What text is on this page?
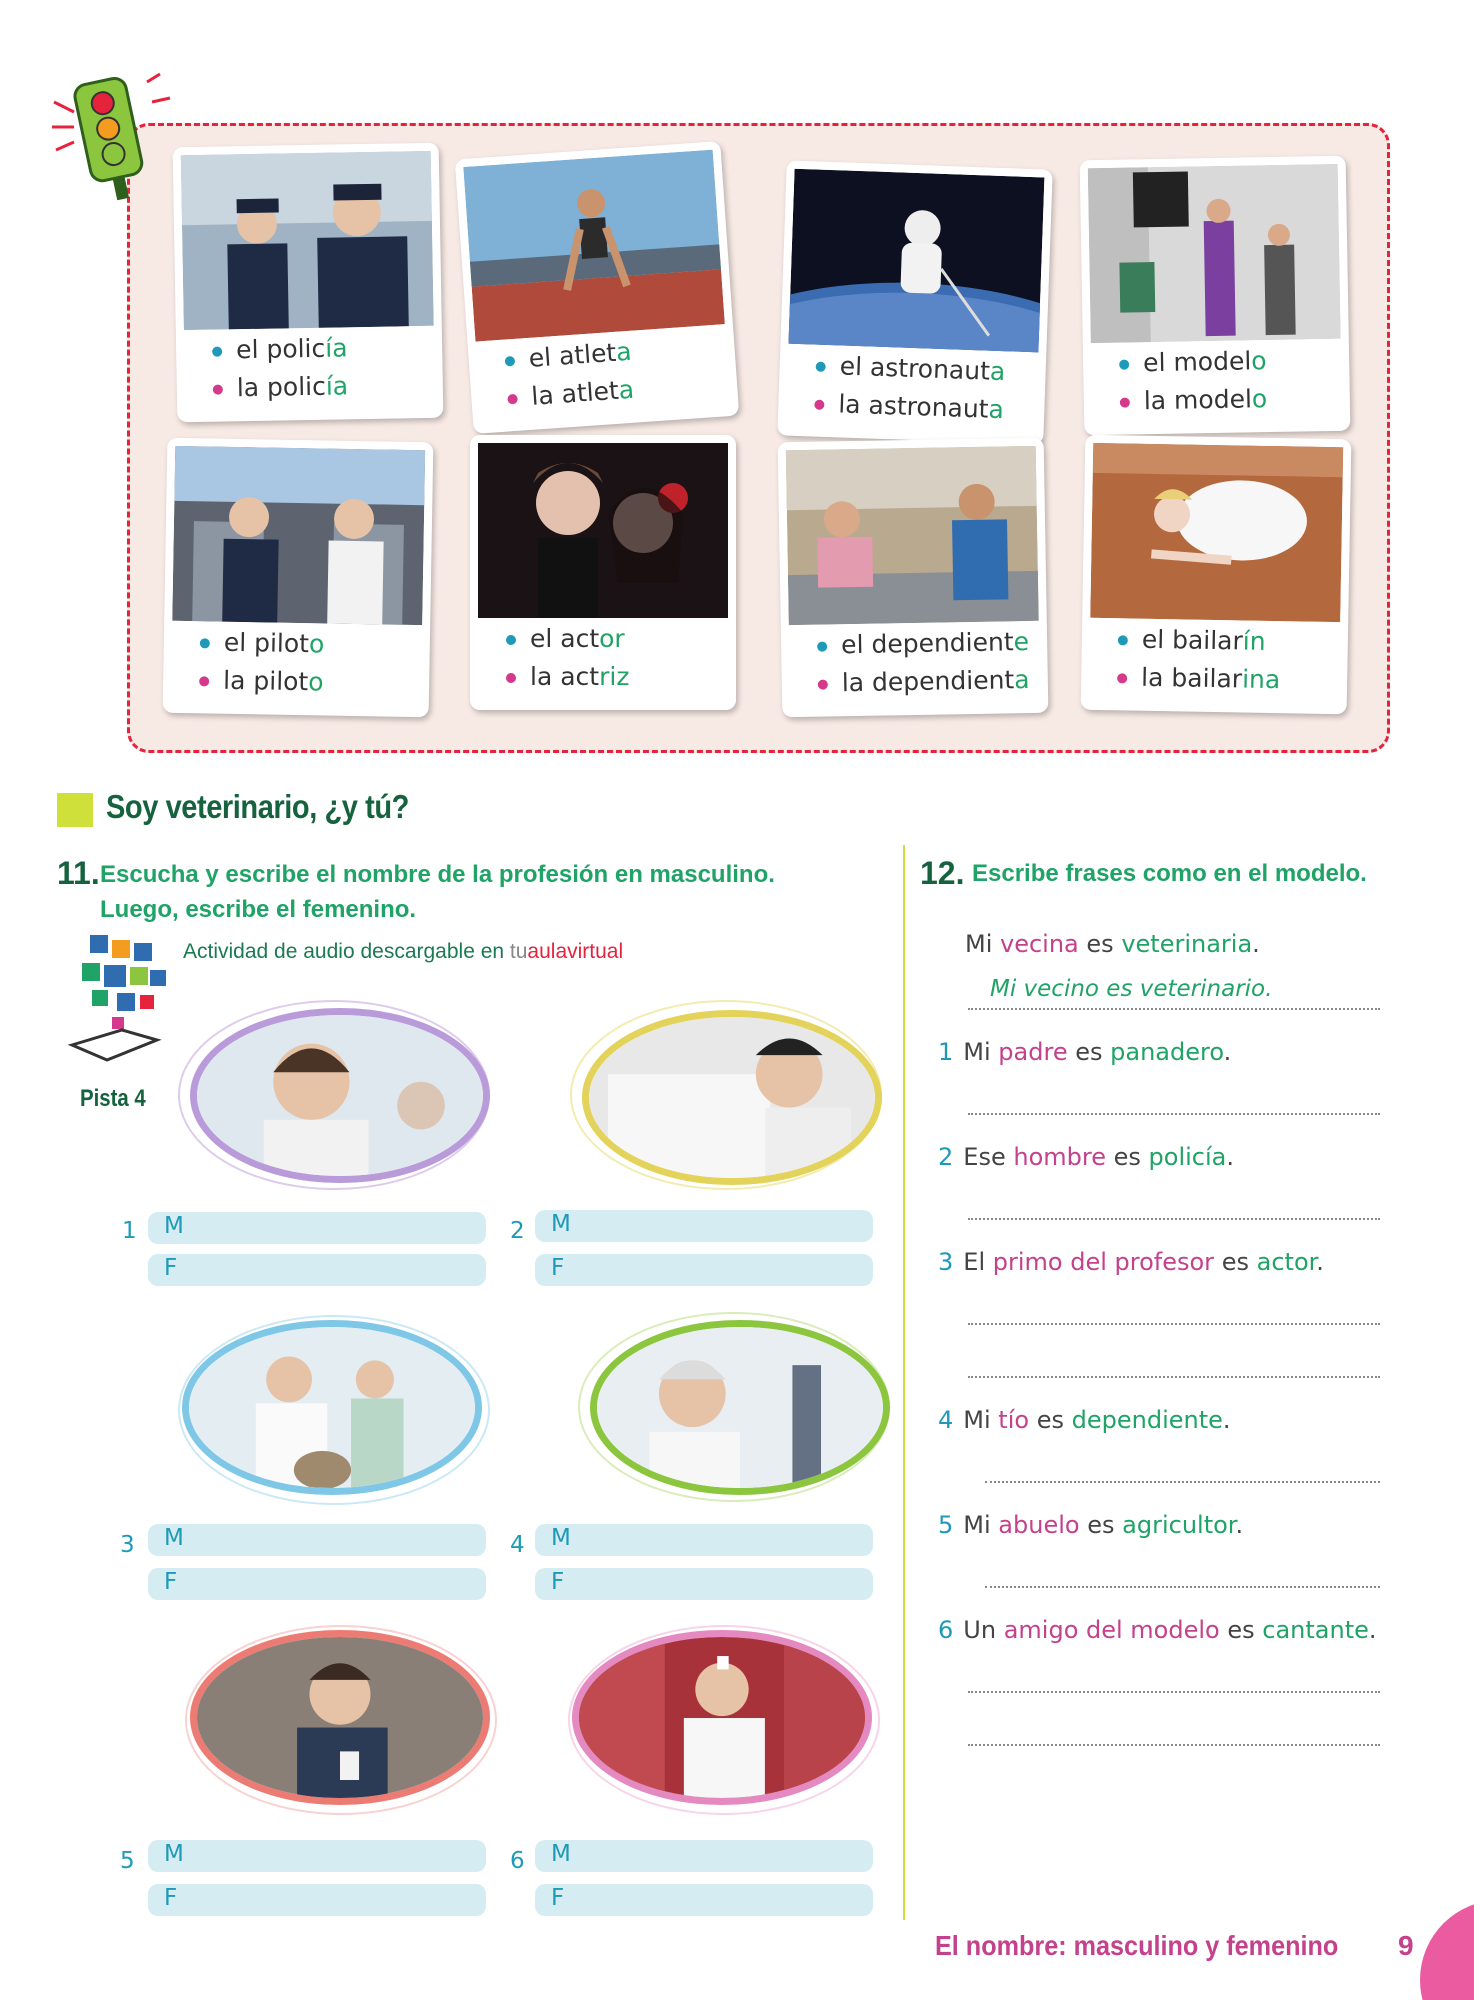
el policía
la policía
el atleta
la atleta
el astronauta
la astronauta
el modelo
la modelo
el piloto
la piloto
el actor
la actriz
el dependiente
la dependienta
el bailarín
la bailarina
Soy veterinario, ¿y tú?
11. Escucha y escribe el nombre de la profesión en masculino.
Luego, escribe el femenino.
Actividad de audio descargable en tuaulavirtual
Pista 4
1 M
F
2 M
F
3 M
F
4 M
F
5 M
F
6 M
F
12. Escribe frases como en el modelo.
Mi vecina es veterinaria.
Mi vecino es veterinario.
1 Mi padre es panadero.
2 Ese hombre es policía.
3 El primo del profesor es actor.
4 Mi tío es dependiente.
5 Mi abuelo es agricultor.
6 Un amigo del modelo es cantante.
El nombre: masculino y femenino 9
